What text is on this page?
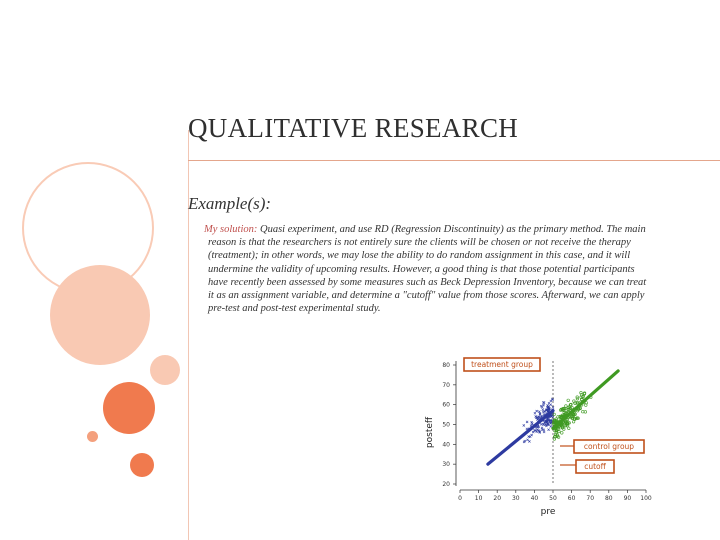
QUALITATIVE RESEARCH
Example(s):
My solution: Quasi experiment, and use RD (Regression Discontinuity) as the primary method. The main reason is that the researchers is not entirely sure the clients will be chosen or not receive the therapy (treatment); in other words, we may lose the ability to do random assignment in this case, and it will undermine the validity of upcoming results. However, a good thing is that those potential participants have recently been assessed by some measures such as Beck Depression Inventory, because we can treat it as an assignment variable, and determine a "cutoff" value from those scores. Afterward, we can apply pre-test and post-test experimental study.
80
70
60
50
40
30
20
0 10 20 30 40 50 60 70 80 90 100
pre
posteff
treatment group
control group
cutoff
